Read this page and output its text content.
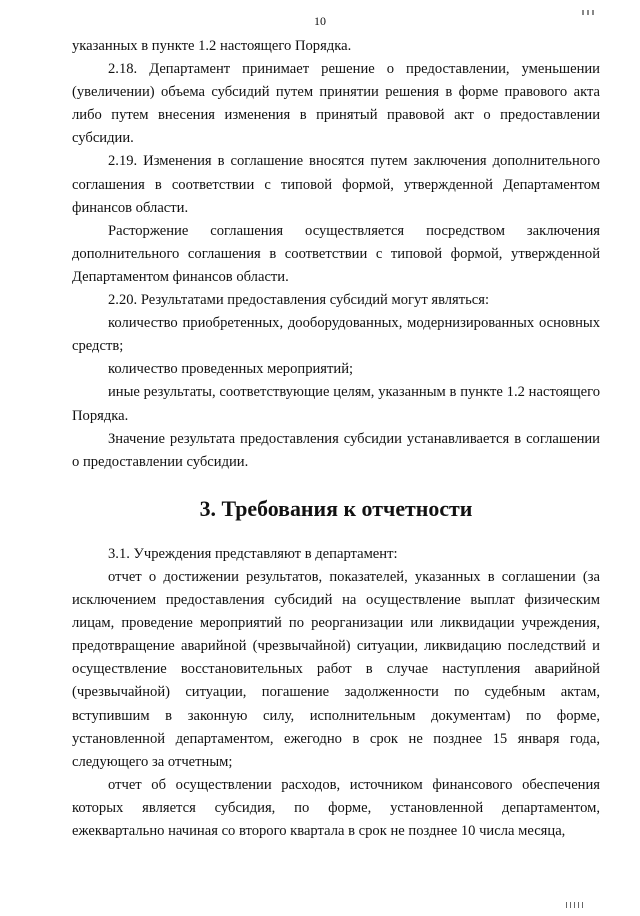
10

указанных в пункте 1.2 настоящего Порядка.

2.18. Департамент принимает решение о предоставлении, уменьшении (увеличении) объема субсидий путем принятии решения в форме правового акта либо путем внесения изменения в принятый правовой акт о предоставлении субсидии.

2.19. Изменения в соглашение вносятся путем заключения дополнительного соглашения в соответствии с типовой формой, утвержденной Департаментом финансов области.

Расторжение соглашения осуществляется посредством заключения дополнительного соглашения в соответствии с типовой формой, утвержденной Департаментом финансов области.

2.20. Результатами предоставления субсидий могут являться:

количество приобретенных, дооборудованных, модернизированных основных средств;

количество проведенных мероприятий;

иные результаты, соответствующие целям, указанным в пункте 1.2 настоящего Порядка.

Значение результата предоставления субсидии устанавливается в соглашении о предоставлении субсидии.

3. Требования к отчетности

3.1. Учреждения представляют в департамент:

отчет о достижении результатов, показателей, указанных в соглашении (за исключением предоставления субсидий на осуществление выплат физическим лицам, проведение мероприятий по реорганизации или ликвидации учреждения, предотвращение аварийной (чрезвычайной) ситуации, ликвидацию последствий и осуществление восстановительных работ в случае наступления аварийной (чрезвычайной) ситуации, погашение задолженности по судебным актам, вступившим в законную силу, исполнительным документам) по форме, установленной департаментом, ежегодно в срок не позднее 15 января года, следующего за отчетным;

отчет об осуществлении расходов, источником финансового обеспечения которых является субсидия, по форме, установленной департаментом, ежеквартально начиная со второго квартала в срок не позднее 10 числа месяца,
